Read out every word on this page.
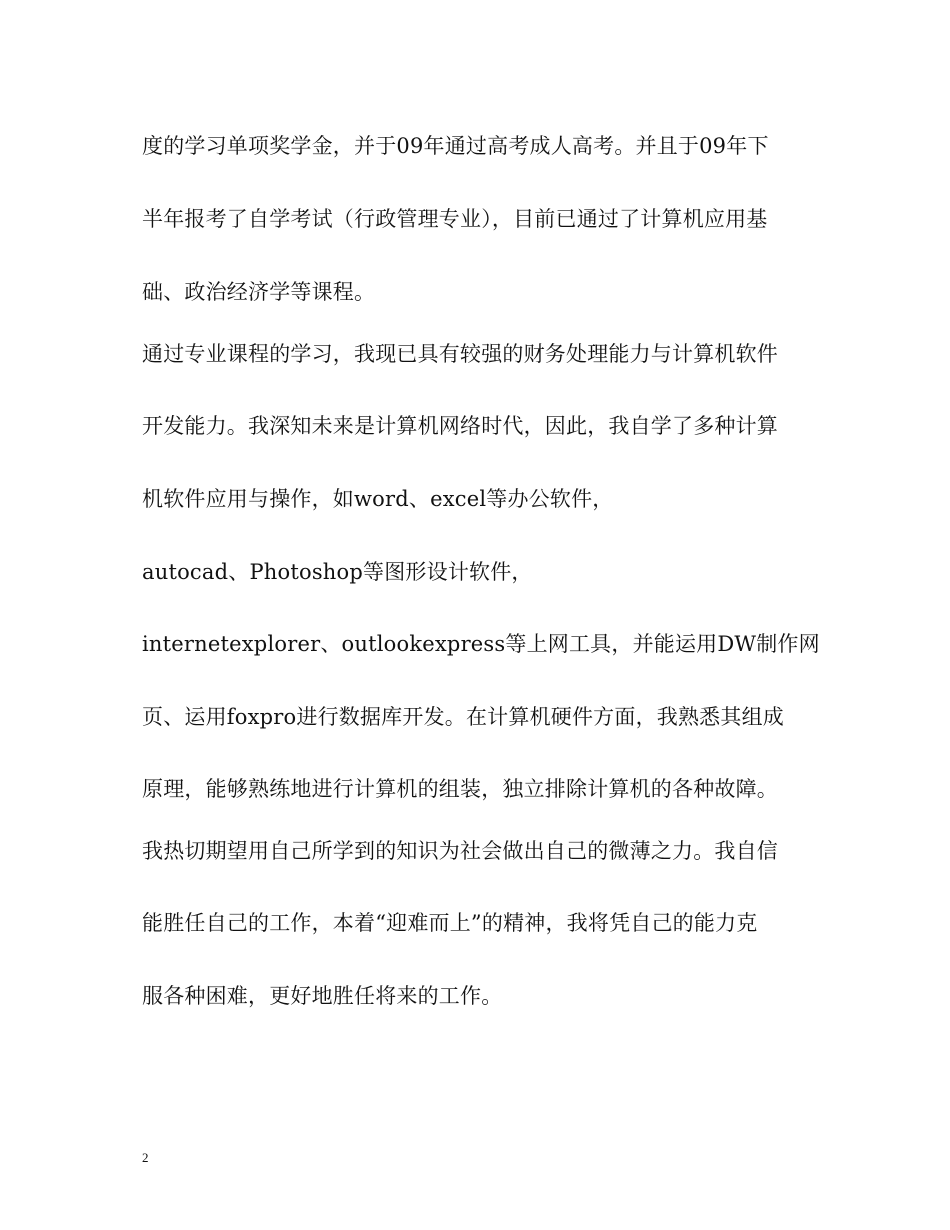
度的学习单项奖学金，并于09年通过高考成人高考。并且于09年下
半年报考了自学考试（行政管理专业），目前已通过了计算机应用基
础、政治经济学等课程。
通过专业课程的学习，我现已具有较强的财务处理能力与计算机软件
开发能力。我深知未来是计算机网络时代，因此，我自学了多种计算
机软件应用与操作，如word、excel等办公软件，
autocad、Photoshop等图形设计软件，
internetexplorer、outlookexpress等上网工具，并能运用DW制作网
页、运用foxpro进行数据库开发。在计算机硬件方面，我熟悉其组成
原理，能够熟练地进行计算机的组装，独立排除计算机的各种故障。
我热切期望用自己所学到的知识为社会做出自己的微薄之力。我自信
能胜任自己的工作，本着“迎难而上”的精神，我将凭自己的能力克
服各种困难，更好地胜任将来的工作。
2
